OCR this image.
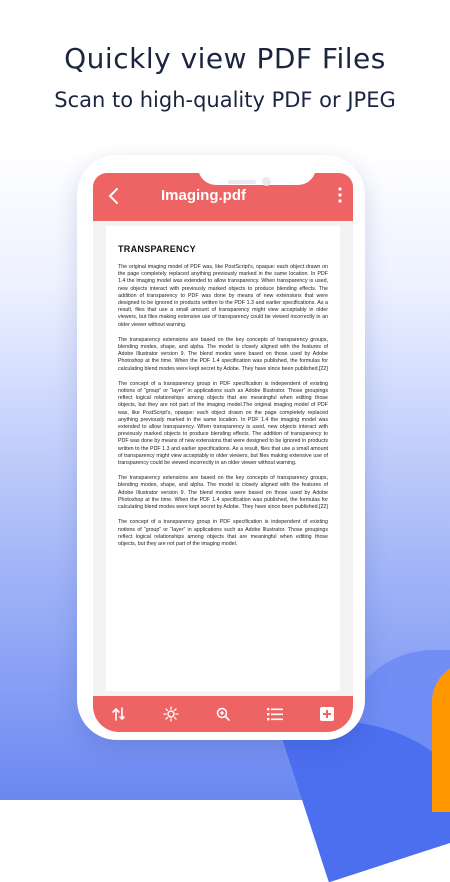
Quickly view PDF Files
Scan to high-quality PDF or JPEG
Imaging.pdf
TRANSPARENCY

The original imaging model of PDF was, like PostScript’s, opaque: each object drawn on the page completely replaced anything previously marked in the same location. In PDF 1.4 the imaging model was extended to allow transparency. When transparency is used, new objects interact with previously marked objects to produce blending effects. The addition of transparency to PDF was done by means of new extensions that were designed to be ignored in products written to the PDF 1.3 and earlier specifications. As a result, files that use a small amount of transparency might view acceptably in older viewers, but files making extensive use of transparency could be viewed incorrectly in an older viewer without warning.

The transparency extensions are based on the key concepts of transparency groups, blending modes, shape, and alpha. The model is closely aligned with the features of Adobe Illustrator version 9. The blend modes were based on those used by Adobe Photoshop at the time. When the PDF 1.4 specification was published, the formulas for calculating blend modes were kept secret by Adobe. They have since been published.[22]

The concept of a transparency group in PDF specification is independent of existing notions of “group” or “layer” in applications such as Adobe Illustrator. Those groupings reflect logical relationships among objects that are meaningful when editing those objects, but they are not part of the imaging model.The original imaging model of PDF was, like PostScript’s, opaque: each object drawn on the page completely replaced anything previously marked in the same location. In PDF 1.4 the imaging model was extended to allow transparency. When transparency is used, new objects interact with previously marked objects to produce blending effects. The addition of transparency to PDF was done by means of new extensions that were designed to be ignored in products written to the PDF 1.3 and earlier specifications. As a result, files that use a small amount of transparency might view acceptably in older viewers, but files making extensive use of transparency could be viewed incorrectly in an older viewer without warning.

The transparency extensions are based on the key concepts of transparency groups, blending modes, shape, and alpha. The model is closely aligned with the features of Adobe Illustrator version 9. The blend modes were based on those used by Adobe Photoshop at the time. When the PDF 1.4 specification was published, the formulas for calculating blend modes were kept secret by Adobe. They have since been published.[22]

The concept of a transparency group in PDF specification is independent of existing notions of “group” or “layer” in applications such as Adobe Illustrator. Those groupings reflect logical relationships among objects that are meaningful when editing those objects, but they are not part of the imaging model.
